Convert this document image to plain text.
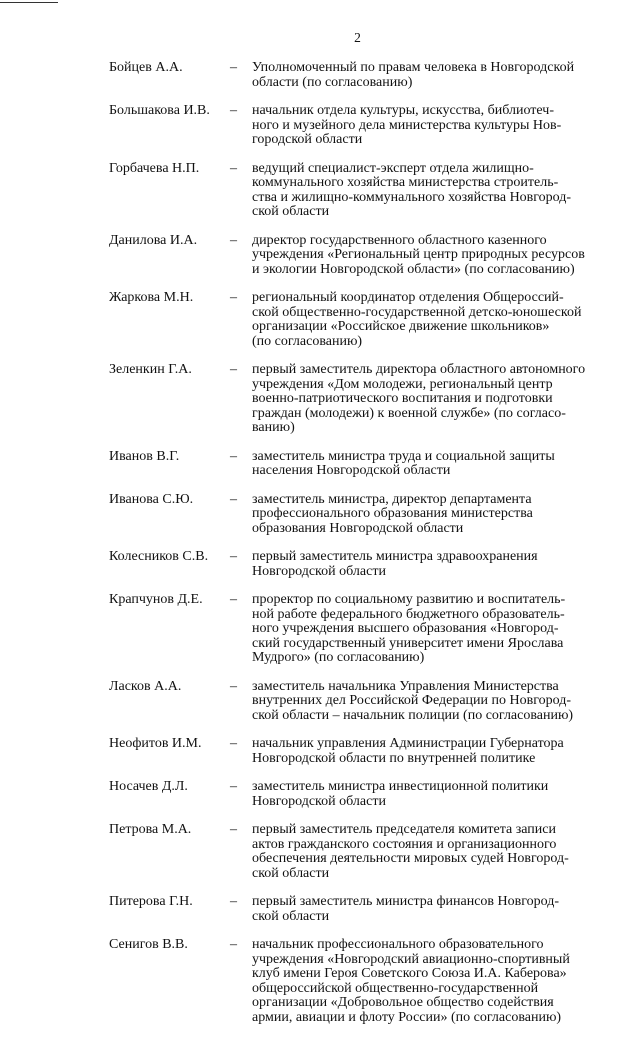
2
Бойцев А.А.	–	Уполномоченный по правам человека в Новгородской
области (по согласованию)
Большакова И.В.	–	начальник отдела культуры, искусства, библиотеч-
ного и музейного дела министерства культуры Нов-
городской области
Горбачева Н.П.	–	ведущий специалист-эксперт отдела жилищно-
коммунального хозяйства министерства строитель-
ства и жилищно-коммунального хозяйства Новгород-
ской области
Данилова И.А.	–	директор государственного областного казенного
учреждения «Региональный центр природных ресурсов
и экологии Новгородской области» (по согласованию)
Жаркова М.Н.	–	региональный координатор отделения Общероссий-
ской общественно-государственной детско-юношеской
организации «Российское движение школьников»
(по согласованию)
Зеленкин Г.А.	–	первый заместитель директора областного автономного
учреждения «Дом молодежи, региональный центр
военно-патриотического воспитания и подготовки
граждан (молодежи) к военной службе» (по согласо-
ванию)
Иванов В.Г.	–	заместитель министра труда и социальной защиты
населения Новгородской области
Иванова С.Ю.	–	заместитель министра, директор департамента
профессионального образования министерства
образования Новгородской области
Колесников С.В.	–	первый заместитель министра здравоохранения
Новгородской области
Крапчунов Д.Е.	–	проректор по социальному развитию и воспитатель-
ной работе федерального бюджетного образователь-
ного учреждения высшего образования «Новгород-
ский государственный университет имени Ярослава
Мудрого» (по согласованию)
Ласков А.А.	–	заместитель начальника Управления Министерства
внутренних дел Российской Федерации по Новгород-
ской области – начальник полиции (по согласованию)
Неофитов И.М.	–	начальник управления Администрации Губернатора
Новгородской области по внутренней политике
Носачев Д.Л.	–	заместитель министра инвестиционной политики
Новгородской области
Петрова М.А.	–	первый заместитель председателя комитета записи
актов гражданского состояния и организационного
обеспечения деятельности мировых судей Новгород-
ской области
Питерова Г.Н.	–	первый заместитель министра финансов Новгород-
ской области
Сенигов В.В.	–	начальник профессионального образовательного
учреждения «Новгородский авиационно-спортивный
клуб имени Героя Советского Союза И.А. Каберова»
общероссийской общественно-государственной
организации «Добровольное общество содействия
армии, авиации и флоту России» (по согласованию)
